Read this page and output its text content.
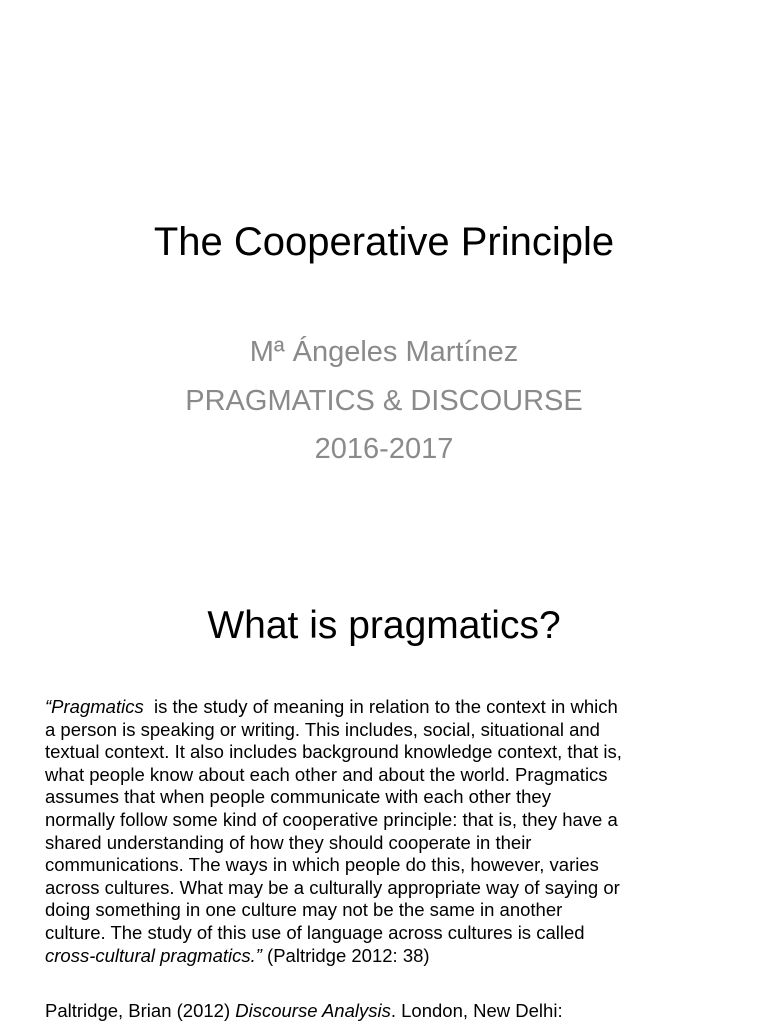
The Cooperative Principle

Mª Ángeles Martínez

PRAGMATICS & DISCOURSE

2016-2017

What is pragmatics?
“Pragmatics  is the study of meaning in relation to the context in which
a person is speaking or writing. This includes, social, situational and
textual context. It also includes background knowledge context, that is,
what people know about each other and about the world. Pragmatics
assumes that when people communicate with each other they
normally follow some kind of cooperative principle: that is, they have a
shared understanding of how they should cooperate in their
communications. The ways in which people do this, however, varies
across cultures. What may be a culturally appropriate way of saying or
doing something in one culture may not be the same in another
culture. The study of this use of language across cultures is called
cross-cultural pragmatics.” (Paltridge 2012: 38)

Paltridge, Brian (2012) Discourse Analysis. London, New Delhi:
